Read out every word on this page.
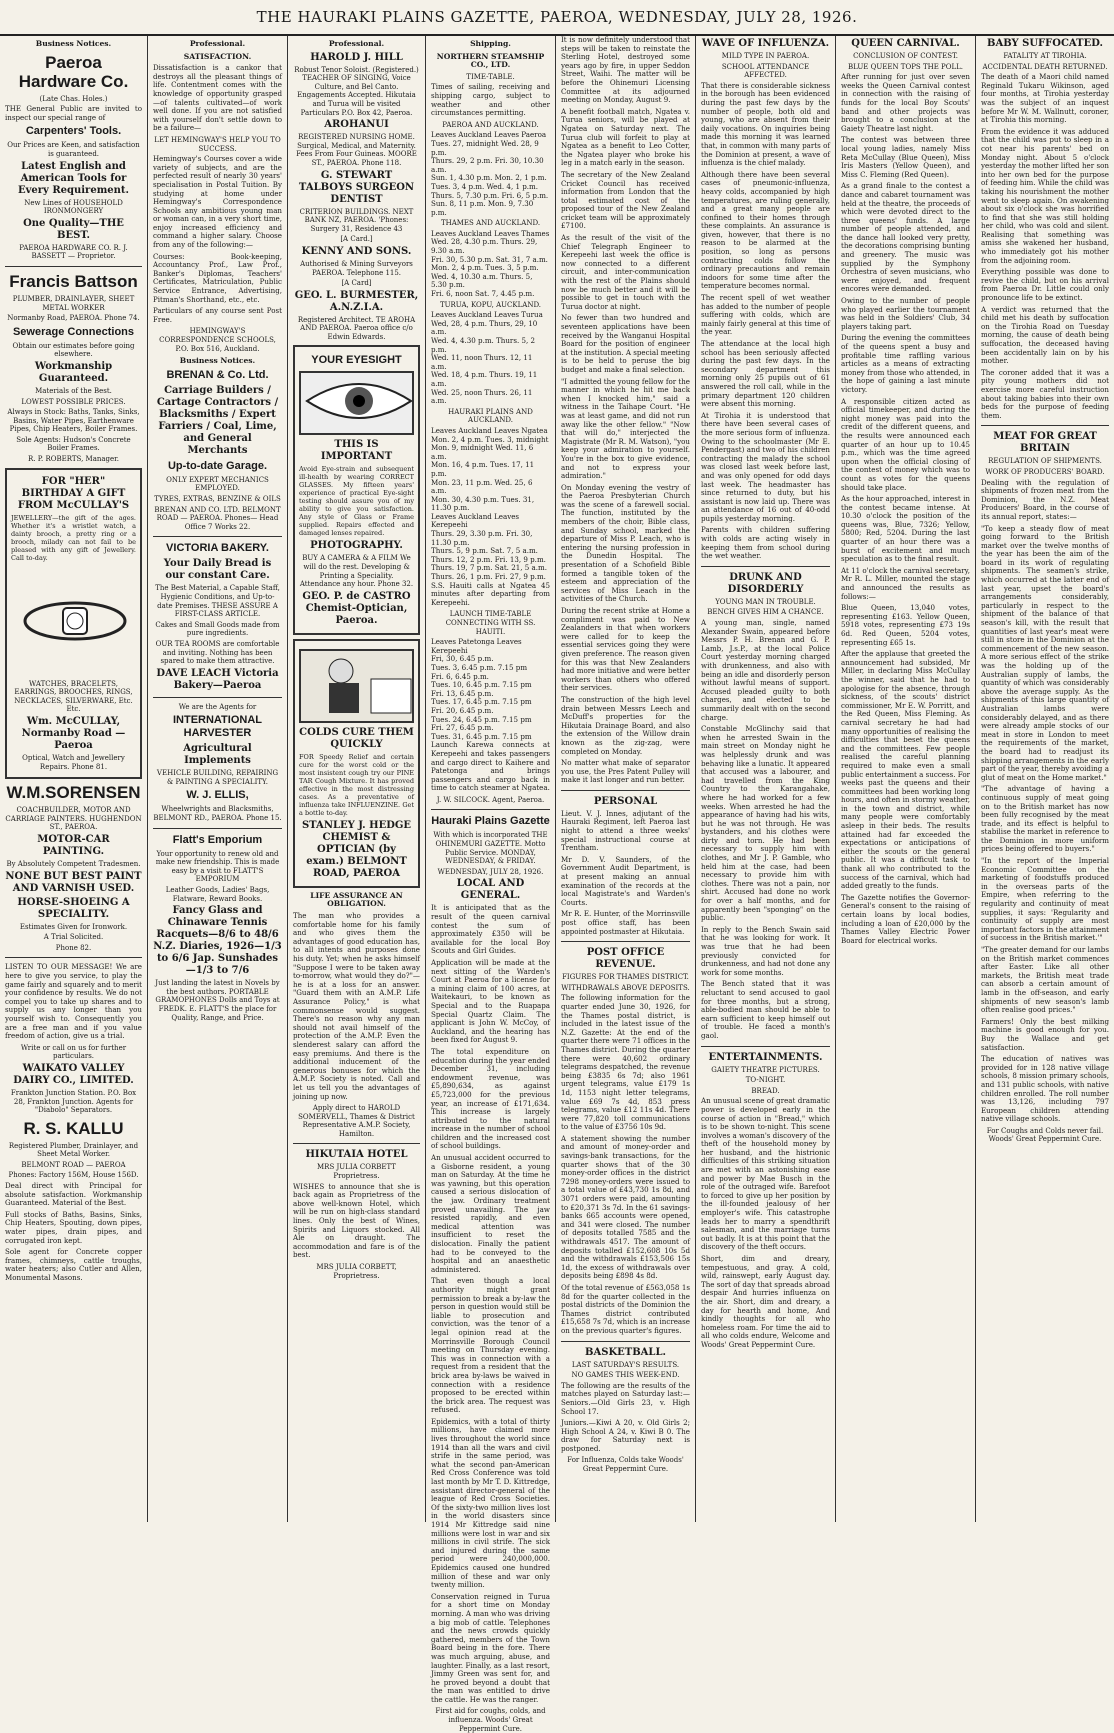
THE HAURAKI PLAINS GAZETTE, PAEROA, WEDNESDAY, JULY 28, 1926.
Business Notices.
Paeroa Hardware Co.
(Late Chas. Holes.)

THE General Public are invited to inspect our special range of

Carpenters' Tools.
Our Prices are Keen, and satisfaction is guaranteed.
Latest English and American Tools for Every Requirement.
New Lines of HOUSEHOLD IRONMONGERY
One Quality—THE BEST.
PAEROA HARDWARE CO. R. J. BASSETT — Proprietor.
Francis Battson
PLUMBER, DRAINLAYER, SHEET METAL WORKER
Normanby Road, PAEROA. Phone 74.
Sewerage Connections
Obtain our estimates before going elsewhere.
Workmanship Guaranteed.
Materials of the Best.
LOWEST POSSIBLE PRICES.
Always in Stock: Baths, Tanks, Sinks, Basins, Water Pipes, Earthenware Pipes, Chip Heaters, Boiler Frames.
Sole Agents: Hudson's Concrete Boiler Frames.
R. P. ROBERTS, Manager.
FOR "HER" BIRTHDAY A GIFT FROM McCULLAY'S

JEWELLERY—the gift of the ages. Whether it's a wristlet watch, a dainty brooch, a pretty ring or a brooch, milady can not fail to be pleased with any gift of Jewellery. Call to-day.

WATCHES, BRACELETS, EARRINGS, BROOCHES, RINGS, NECKLACES, SILVERWARE, Etc. Etc.
Wm. McCULLAY, Normanby Road — Paeroa
Optical, Watch and Jewellery Repairs. Phone 81.
W.M.SORENSEN
COACHBUILDER, MOTOR AND CARRIAGE PAINTERS. HUGHENDON ST., PAEROA.
MOTOR-CAR PAINTING.
By Absolutely Competent Tradesmen.
NONE BUT BEST PAINT AND VARNISH USED.
HORSE-SHOEING A SPECIALITY.
Estimates Given for Ironwork.
A Trial Solicited.
Phone 82.

LISTEN TO OUR MESSAGE! We are here to give you service, to play the game fairly and squarely and to merit your confidence by results. We do not compel you to take up shares and to supply us any longer than you yourself wish to. Consequently you are a free man and if you value freedom of action, give us a trial.

Write or call on us for further particulars.
WAIKATO VALLEY DAIRY CO., LIMITED.
Frankton Junction Station. P.O. Box 28, Frankton Junction. Agents for "Diabolo" Separators.
R. S. KALLU
Registered Plumber, Drainlayer, and Sheet Metal Worker.
BELMONT ROAD — PAEROA
Phones: Factory 156M, House 156D.

Deal direct with Principal for absolute satisfaction. Workmanship Guaranteed. Material of the Best.

Full stocks of Baths, Basins, Sinks, Chip Heaters, Spouting, down pipes, water pipes, drain pipes, and corrugated iron kept.

Sole agent for Concrete copper frames, chimneys, cattle troughs, water heaters; also Cutler and Allen, Monumental Masons.

Professional.
SATISFACTION.

Dissatisfaction is a cankor that destroys all the pleasant things of life. Contentment comes with the knowledge of opportunity grasped—of talents cultivated—of work well done. If you are not satisfied with yourself don't settle down to be a failure—

LET HEMINGWAY'S HELP YOU TO SUCCESS.

Hemingway's Courses cover a wide variety of subjects, and are the perfected result of nearly 30 years' specialisation in Postal Tuition. By studying at home under Hemingway's Correspondence Schools any ambitious young man or woman can, in a very short time, enjoy increased efficiency and command a higher salary. Choose from any of the following:—

Courses: Book-keeping, Accountancy Prof., Law Prof., Banker's Diplomas, Teachers' Certificates, Matriculation, Public Service Entrance, Advertising, Pitman's Shorthand, etc., etc.

Particulars of any course sent Post Free.

HEMINGWAY'S CORRESPONDENCE SCHOOLS, P.O. Box 516, Auckland.
Business Notices.
BRENAN & Co. Ltd.
Carriage Builders / Cartage Contractors / Blacksmiths / Expert Farriers / Coal, Lime, and General Merchants
Up-to-date Garage.
ONLY EXPERT MECHANICS EMPLOYED.
TYRES, EXTRAS, BENZINE & OILS
BRENAN AND CO. LTD. BELMONT ROAD — PAEROA. Phones— Head Office 7 Works 22.
VICTORIA BAKERY.
Your Daily Bread is our constant Care.
The Best Material, a Capable Staff, Hygienic Conditions, and Up-to-date Premises. THESE ASSURE A FIRST-CLASS ARTICLE.
Cakes and Small Goods made from pure ingredients.
OUR TEA ROOMS are comfortable and inviting. Nothing has been spared to make them attractive.
DAVE LEACH Victoria Bakery—Paeroa
We are the Agents for
INTERNATIONAL HARVESTER
Agricultural Implements
VEHICLE BUILDING, REPAIRING & PAINTING A SPECIALITY.
W. J. ELLIS,
Wheelwrights and Blacksmiths, BELMONT RD., PAEROA. Phone 15.
Flatt's Emporium
Your opportunity to renew old and make new friendship. This is made easy by a visit to FLATT'S EMPORIUM
Leather Goods, Ladies' Bags, Flatware, Reward Books.
Fancy Glass and Chinaware Tennis Racquets—8/6 to 48/6 N.Z. Diaries, 1926—1/3 to 6/6 Jap. Sunshades—1/3 to 7/6
Just landing the latest in Novels by the best authors. PORTABLE GRAMOPHONES Dolls and Toys at FREDK. E. FLATT'S the place for Quality, Range, and Price.
Professional.
HAROLD J. HILL
Robust Tenor Soloist. (Registered.) TEACHER OF SINGING, Voice Culture, and Bel Canto. Engagements Accepted. Hikutaia and Turua will be visited Particulars P.O. Box 42, Paeroa.
AROHANUI
REGISTERED NURSING HOME. Surgical, Medical, and Maternity. Fees From Four Guineas. MOORE ST., PAEROA. Phone 118.
G. STEWART TALBOYS SURGEON DENTIST
CRITERION BUILDINGS. NEXT BANK NZ, PAEROA. 'Phones: Surgery 31, Residence 43
[A Card.]
KENNY AND SONS.
Authorised & Mining Surveyors PAEROA. Telephone 115.
[A Card]
GEO. L. BURMESTER, A.N.Z.I.A.
Registered Architect. TE AROHA AND PAEROA. Paeroa office c/o Edwin Edwards.
YOUR EYESIGHT
THIS IS IMPORTANT

Avoid Eye-strain and subsequent ill-health by wearing CORRECT GLASSES. My fifteen years' experience of practical Eye-sight testing should assure you of my ability to give you satisfaction. Any style of Glass or Frame supplied. Repairs effected and damaged lenses repaired.

PHOTOGRAPHY.
BUY A CAMERA & A FILM We will do the rest. Developing & Printing a Speciality. Attendance any hour. Phone 32.
GEO. P. de CASTRO Chemist-Optician, Paeroa.
COLDS CURE THEM QUICKLY

FOR Speedy Relief and certain cure for the worst cold or the most insistent cough try our PINE TAR Cough Mixture. It has proved effective in the most distressing cases. As a preventative of influenza take INFLUENZINE. Get a bottle to-day.

STANLEY J. HEDGE CHEMIST & OPTICIAN (by exam.) BELMONT ROAD, PAEROA
LIFE ASSURANCE AN OBLIGATION.

The man who provides a comfortable home for his family and who gives them the advantages of good education has, to all intents and purposes done his duty. Yet; when he asks himself "Suppose I were to be taken away to-morrow, what would they do?"—he is at a loss for an answer. "Guard them with an A.M.P. Life Assurance Policy," is what commonsense would suggest. There's no reason why any man should not avail himself of the protection of the A.M.P. Even the slenderest salary can afford the easy premiums. And there is the additional inducement of the generous bonuses for which the A.M.P. Society is noted. Call and let us tell you the advantages of joining up now.

Apply direct to HAROLD SOMERVELL, Thames & District Representative A.M.P. Society, Hamilton.
HIKUTAIA HOTEL
MRS JULIA CORBETT Proprietress.

WISHES to announce that she is back again as Proprietress of the above well-known Hotel, which will be run on high-class standard lines. Only the best of Wines, Spirits and Liquors stocked. All Ale on draught. The accommodation and fare is of the best.

MRS JULIA CORBETT, Proprietress.
Shipping.
NORTHERN STEAMSHIP CO., LTD.
TIME-TABLE.

Times of sailing, receiving and shipping cargo, subject to weather and other circumstances permitting.

PAEROA AND AUCKLAND.
Leaves Auckland Leaves Paeroa
Tues. 27, midnight Wed. 28, 9 p.m.
Thurs. 29, 2 p.m. Fri. 30, 10.30 a.m.
Sun. 1, 4.30 p.m. Mon. 2, 1 p.m.
Tues. 3, 4 p.m. Wed. 4, 1 p.m.
Thurs. 5, 7.30 p.m. Fri. 6, 5 p.m.
Sun. 8, 11 p.m. Mon. 9, 7.30 p.m.
THAMES AND AUCKLAND.
Leaves Auckland Leaves Thames
Wed. 28, 4.30 p.m. Thurs. 29, 9.30 a.m.
Fri. 30, 5.30 p.m. Sat. 31, 7 a.m.
Mon. 2, 4 p.m. Tues. 3, 5 p.m.
Wed. 4, 10.30 a.m. Thurs. 5, 5.30 p.m.
Fri. 6, noon Sat. 7, 4.45 p.m.
TURUA, KOPU, AUCKLAND.
Leaves Auckland Leaves Turua
Wed, 28, 4 p.m. Thurs, 29, 10 a.m.
Wed. 4, 4.30 p.m. Thurs. 5, 2 p.m.
Wed. 11, noon Thurs. 12, 11 a.m.
Wed. 18, 4 p.m. Thurs. 19, 11 a.m.
Wed. 25, noon Thurs. 26, 11 a.m.
HAURAKI PLAINS AND AUCKLAND.
Leaves Auckland Leaves Ngatea
Mon. 2, 4 p.m. Tues. 3, midnight
Mon. 9, midnight Wed. 11, 6 a.m.
Mon. 16, 4 p.m. Tues. 17, 11 p.m.
Mon. 23, 11 p.m. Wed. 25, 6 a.m.
Mon. 30, 4.30 p.m. Tues. 31, 11.30 p.m.
Leaves Auckland Leaves Kerepeehi
Thurs. 29, 3.30 p.m. Fri. 30, 11.30 p.m.
Thurs. 5, 9 p.m. Sat. 7, 5 a.m.
Thurs. 12, 2 p.m. Fri. 13, 9 p.m.
Thurs. 19, 7 p.m. Sat. 21, 5 a.m.
Thurs. 26, 1 p.m. Fri. 27, 9 p.m.

S.S. Hauiti calls at Ngatea 45 minutes after departing from Kerepeehi.

LAUNCH TIME-TABLE CONNECTING WITH SS. HAUITI.
Leaves Patetonga Leaves Kerepeehi
Fri, 30, 6.45 p.m.
Tues. 3, 6.45 p.m. 7.15 pm
Fri. 6, 6.45 p.m.
Tues. 10, 6.45 p.m. 7.15 pm
Fri. 13, 6.45 p.m.
Tues. 17, 6.45 p.m. 7.15 pm
Fri. 20, 6.45 p.m.
Tues. 24, 6.45 p.m. 7.15 pm
Fri. 27, 6.45 p.m.
Tues. 31, 6.45 p.m. 7.15 pm

Launch Karewa connects at Kerepeehi and takes passengers and cargo direct to Kaihere and Patetonga and brings passengers and cargo back in time to catch steamer at Ngatea.

J. W. SILCOCK. Agent, Paeroa.
Hauraki Plains Gazette
With which is incorporated THE OHINEMURI GAZETTE. Motto Public Service. MONDAY, WEDNESDAY, & FRIDAY.
WEDNESDAY, JULY 28, 1926.
LOCAL AND GENERAL.

It is anticipated that as the result of the queen carnival contest the sum of approximately £350 will be available for the local Boy Scouts and Girl Guides.

Application will be made at the next sitting of the Warden's Court at Paeroa for a license for a mining claim of 100 acres, at Waitekauri, to be known as Special and to the Ruapapa Special Quartz Claim. The applicant is John W. McCoy, of Auckland, and the hearing has been fixed for August 9.

The total expenditure on education during the year ended December 31, including endowment revenue, was £5,890,634, as against £5,723,000 for the previous year, an increase of £171,634. This increase is largely attributed to the natural increase in the number of school children and the increased cost of school buildings.

An unusual accident occurred to a Gisborne resident, a young man on Saturday. At the time he was yawning, but this operation caused a serious dislocation of the jaw. Ordinary treatment proved unavailing. The jaw resisted rapidly, and even medical attention was insufficient to reset the dislocation. Finally the patient had to be conveyed to the hospital and an anaesthetic administered.

That even though a local authority might grant permission to break a by-law the person in question would still be liable to prosecution and conviction, was the tenor of a legal opinion read at the Morrinsville Borough Council meeting on Thursday evening. This was in connection with a request from a resident that the brick area by-laws be waived in connection with a residence proposed to be erected within the brick area. The request was refused.

Epidemics, with a total of thirty millions, have claimed more lives throughout the world since 1914 than all the wars and civil strife in the same period, was what the second pan-American Red Cross Conference was told last month by Mr T. D. Kittredge, assistant director-general of the league of Red Cross Societies. Of the sixty-two million lives lost in the world disasters since 1914 Mr Kittredge said nine millions were lost in war and six millions in civil strife. The sick and injured during the same period were 240,000,000. Epidemics caused one hundred million of these and war only twenty million.

Conservation reigned in Turua for a short time on Monday morning. A man who was driving a big mob of cattle. Telephones and the news crowds quickly gathered, members of the Town Board being in the fore. There was much arguing, abuse, and laughter. Finally, as a last resort, Jimmy Green was sent for, and he proved beyond a doubt that the man was entitled to drive the cattle. He was the ranger.

First aid for coughs, colds, and influenza. Woods' Great Peppermint Cure.

It is now definitely understood that steps will be taken to reinstate the Sterling Hotel, destroyed some years ago by fire, in upper Seddon Street, Waihi. The matter will be before the Ohinemuri Licensing Committee at its adjourned meeting on Monday, August 9.

A benefit football match, Ngatea v. Turua seniors, will be played at Ngatea on Saturday next. The Turua club will forfeit to play at Ngatea as a benefit to Leo Cotter, the Ngatea player who broke his leg in a match early in the season.

The secretary of the New Zealand Cricket Council has received information from London that the total estimated cost of the proposed tour of the New Zealand cricket team will be approximately £7100.

As the result of the visit of the Chief Telegraph Engineer to Kerepeehi last week the office is now connected to a different circuit, and inter-communication with the rest of the Plains should now be much better and it will be possible to get in touch with the Turua doctor at night.

No fewer than two hundred and seventeen applications have been received by the Wanganui Hospital Board for the position of engineer at the institution. A special meeting is to be held to peruse the big budget and make a final selection.

"I admitted the young fellow for the manner in which he hit me back when I knocked him," said a witness in the Taihape Court. "He was at least game, and did not run away like the other fellow." "Now that will do," interjected the Magistrate (Mr R. M. Watson), "you keep your admiration to yourself. You're in the box to give evidence, and not to express your admiration."

On Monday evening the vestry of the Paeroa Presbyterian Church was the scene of a farewell social. The function, instituted by the members of the choir, Bible class, and Sunday school, marked the departure of Miss P. Leach, who is entering the nursing profession in the Dunedin Hospital. The presentation of a Schofield Bible formed a tangible token of the esteem and appreciation of the services of Miss Leach in the activities of the Church.

During the recent strike at Home a compliment was paid to New Zealanders in that when workers were called for to keep the essential services going they were given preference. The reason given for this was that New Zealanders had more initiative and were better workers than others who offered their services.

The construction of the high level drain between Messrs Leech and McDuff's properties for the Hikutaia Drainage Board, and also the extension of the Willow drain known as the zig-zag, were completed on Monday.

No matter what make of separator you use, the Pres Patent Pulley will make it last longer and run better.

PERSONAL

Lieut. V. J. Innes, adjutant of the Hauraki Regiment, left Paeroa last night to attend a three weeks' special instructional course at Trentham.

Mr D. V. Saunders, of the Government Audit Department, is at present making an annual examination of the records at the local Magistrate's and Warden's Courts.

Mr R. E. Hunter, of the Morrinsville post office staff, has been appointed postmaster at Hikutaia.

POST OFFICE REVENUE.
FIGURES FOR THAMES DISTRICT.
WITHDRAWALS ABOVE DEPOSITS.

The following information for the quarter ended June 30, 1926, for the Thames postal district, is included in the latest issue of the N.Z. Gazette: At the end of the quarter there were 71 offices in the Thames district. During the quarter there were 40,602 ordinary telegrams despatched, the revenue being £3835 6s 7d; also 1961 urgent telegrams, value £179 1s 1d, 1153 night letter telegrams, value £69 7s 4d, 853 press telegrams, value £12 11s 4d. There were 77,820 toll communications to the value of £3756 10s 9d.

A statement showing the number and amount of money-order and savings-bank transactions, for the quarter shows that of the 30 money-order offices in the district 7298 money-orders were issued to a total value of £43,730 1s 8d, and 3071 orders were paid, amounting to £20,371 3s 7d. In the 61 savings-banks 665 accounts were opened, and 341 were closed. The number of deposits totalled 7585 and the withdrawals 4517. The amount of deposits totalled £152,608 10s 5d and the withdrawals £153,506 15s 1d, the excess of withdrawals over deposits being £898 4s 8d.

Of the total revenue of £563,058 1s 8d for the quarter collected in the postal districts of the Dominion the Thames district contributed £15,658 7s 7d, which is an increase on the previous quarter's figures.

BASKETBALL.
LAST SATURDAY'S RESULTS.
NO GAMES THIS WEEK-END.

The following are the results of the matches played on Saturday last:— Seniors.—Old Girls 23, v. High School 17.

Juniors.—Kiwi A 20, v. Old Girls 2; High School A 24, v. Kiwi B 0. The draw for Saturday next is postponed.

For Influenza, Colds take Woods' Great Peppermint Cure.
WAVE OF INFLUENZA.
MILD TYPE IN PAEROA.
SCHOOL ATTENDANCE AFFECTED.

That there is considerable sickness in the borough has been evidenced during the past few days by the number of people, both old and young, who are absent from their daily vocations. On inquiries being made this morning it was learned that, in common with many parts of the Dominion at present, a wave of influenza is the chief malady.

Although there have been several cases of pneumonic-influenza, heavy colds, accompanied by high temperatures, are ruling generally, and a great many people are confined to their homes through these complaints. An assurance is given, however, that there is no reason to be alarmed at the position, so long as persons contracting colds follow the ordinary precautions and remain indoors for some time after the temperature becomes normal.

The recent spell of wet weather has added to the number of people suffering with colds, which are mainly fairly general at this time of the year.

The attendance at the local high school has been seriously affected during the past few days. In the secondary department this morning only 25 pupils out of 61 answered the roll call, while in the primary department 120 children were absent this morning.

At Tirohia it is understood that there have been several cases of the more serious form of influenza. Owing to the schoolmaster (Mr E. Pendergast) and two of his children contracting the malady the school was closed last week before last, and was only opened for odd days last week. The headmaster has since returned to duty, but his assistant is now laid up. There was an attendance of 16 out of 40-odd pupils yesterday morning.

Parents with children suffering with colds are acting wisely in keeping them from school during the wet weather.

DRUNK AND DISORDERLY
YOUNG MAN IN TROUBLE.
BENCH GIVES HIM A CHANCE.

A young man, single, named Alexander Swain, appeared before Messrs P. H. Brenan and G. P. Lamb, J.s.P., at the local Police Court yesterday morning charged with drunkenness, and also with being an idle and disorderly person without lawful means of support. Accused pleaded guilty to both charges, and elected to be summarily dealt with on the second charge.

Constable McGlinchy said that when he arrested Swain in the main street on Monday night he was helplessly drunk and was behaving like a lunatic. It appeared that accused was a labourer, and had travelled from the King Country to the Karangahake, where he had worked for a few weeks. When arrested he had the appearance of having had his wits, but he was not through. He was bystanders, and his clothes were dirty and torn. He had been necessary to supply him with clothes, and Mr J. P. Gamble, who held him at the case, had been necessary to provide him with clothes. There was not a pain, nor shirt. Accused had done no work for over a half months, and for apparently been "sponging" on the public.

In reply to the Bench Swain said that he was looking for work. It was true that he had been previously convicted for drunkenness, and had not done any work for some months.

The Bench stated that it was reluctant to send accused to gaol for three months, but a strong, able-bodied man should be able to earn sufficient to keep himself out of trouble. He faced a month's gaol.

ENTERTAINMENTS.
GAIETY THEATRE PICTURES.
TO-NIGHT.
BREAD.

An unusual scene of great dramatic power is developed early in the course of action in "Bread," which is to be shown to-night. This scene involves a woman's discovery of the theft of the household money by her husband, and the histrionic difficulties of this striking situation are met with an astonishing ease and power by Mae Busch in the role of the outraged wife. Barefoot to forced to give up her position by the ill-founded jealousy of her employer's wife. This catastrophe leads her to marry a spendthrift salesman, and the marriage turns out badly. It is at this point that the discovery of the theft occurs.

Short, dim and dreary, tempestuous, and gray. A cold, wild, rainswept, early August day. The sort of day that spreads abroad despair And hurries influenza on the air. Short, dim and dreary, a day for hearth and home, And kindly thoughts for all who homeless roam. For time the aid to all who colds endure, Welcome and Woods' Great Peppermint Cure.

QUEEN CARNIVAL.
CONCLUSION OF CONTEST.
BLUE QUEEN TOPS THE POLL.

After running for just over seven weeks the Queen Carnival contest in connection with the raising of funds for the local Boy Scouts' band and other projects was brought to a conclusion at the Gaiety Theatre last night.

The contest was between three local young ladies, namely Miss Reta McCullay (Blue Queen), Miss Iris Masters (Yellow Queen), and Miss C. Fleming (Red Queen).

As a grand finale to the contest a dance and cabaret tournament was held at the theatre, the proceeds of which were devoted direct to the three queens' funds. A large number of people attended, and the dance hall looked very pretty, the decorations comprising bunting and greenery. The music was supplied by the Symphony Orchestra of seven musicians, who were enjoyed, and frequent encores were demanded.

Owing to the number of people who played earlier the tournament was held in the Soldiers' Club, 34 players taking part.

During the evening the committees of the queens spent a busy and profitable time raffling various articles as a means of extracting money from those who attended, in the hope of gaining a last minute victory.

A responsible citizen acted as official timekeeper, and during the night money was paid into the credit of the different queens, and the results were announced each quarter of an hour up to 10.45 p.m., which was the time agreed upon when the official closing of the contest of money which was to count as votes for the queens should take place.

As the hour approached, interest in the contest became intense. At 10.30 o'clock the position of the queens was, Blue, 7326; Yellow, 5800; Red, 5204. During the last quarter of an hour there was a burst of excitement and much speculation as to the final result.

At 11 o'clock the carnival secretary, Mr R. L. Miller, mounted the stage and announced the results as follows:—

Blue Queen, 13,040 votes, representing £163. Yellow Queen, 5918 votes, representing £73 19s 6d. Red Queen, 5204 votes, representing £65 1s.

After the applause that greeted the announcement had subsided, Mr Miller, in declaring Miss McCullay the winner, said that he had to apologise for the absence, through sickness, of the scouts' district commissioner, Mr E. W. Porritt, and the Red Queen, Miss Fleming. As carnival secretary he had had many opportunities of realising the difficulties that beset the queens and the committees. Few people realised the careful planning required to make even a small public entertainment a success. For weeks past the queens and their committees had been working long hours, and often in stormy weather, in the town and district, while many people were comfortably asleep in their beds. The results attained had far exceeded the expectations or anticipations of either the scouts or the general public. It was a difficult task to thank all who contributed to the success of the carnival, which had added greatly to the funds.

The Gazette notifies the Governor-General's consent to the raising of certain loans by local bodies, including a loan of £20,000 by the Thames Valley Electric Power Board for electrical works.

BABY SUFFOCATED.
FATALITY AT TIROHIA.
ACCIDENTAL DEATH RETURNED.

The death of a Maori child named Reginald Tukaru Wikinson, aged four months, at Tirohia yesterday was the subject of an inquest before Mr W. M. Wallnutt, coroner, at Tirohia this morning.

From the evidence it was adduced that the child was put to sleep in a cot near his parents' bed on Monday night. About 5 o'clock yesterday the mother lifted her son into her own bed for the purpose of feeding him. While the child was taking his nourishment the mother went to sleep again. On awakening about six o'clock she was horrified to find that she was still holding her child, who was cold and silent. Realising that something was amiss she wakened her husband, who immediately got his mother from the adjoining room.

Everything possible was done to revive the child, but on his arrival from Paeroa Dr. Little could only pronounce life to be extinct.

A verdict was returned that the child met his death by suffocation on the Tirohia Road on Tuesday morning, the cause of death being suffocation, the deceased having been accidentally lain on by his mother.

The coroner added that it was a pity young mothers did not exercise more careful instruction about taking babies into their own beds for the purpose of feeding them.

MEAT FOR GREAT BRITAIN
REGULATION OF SHIPMENTS.
WORK OF PRODUCERS' BOARD.

Dealing with the regulation of shipments of frozen meat from the Dominion, the N.Z. Meat Producers' Board, in the course of its annual report, states:—

"To keep a steady flow of meat going forward to the British market over the twelve months of the year has been the aim of the board in its work of regulating shipments. The seamen's strike, which occurred at the latter end of last year, upset the board's arrangements considerably, particularly in respect to the shipment of the balance of that season's kill, with the result that quantities of last year's meat were still in store in the Dominion at the commencement of the new season. A more serious effect of the strike was the holding up of the Australian supply of lambs, the quantity of which was considerably above the average supply. As the shipments of this large quantity of Australian lambs were considerably delayed, and as there were already ample stocks of our meat in store in London to meet the requirements of the market, the board had to readjust its shipping arrangements in the early part of the year, thereby avoiding a glut of meat on the Home market."

"The advantage of having a continuous supply of meat going on to the British market has now been fully recognised by the meat trade, and its effect is helpful to stabilise the market in reference to the Dominion in more uniform prices being offered to buyers."

"In the report of the Imperial Economic Committee on the marketing of foodstuffs produced in the overseas parts of the Empire, when referring to the regularity and continuity of meat supplies, it says: 'Regularity and continuity of supply are most important factors in the attainment of success in the British market.'"

"The greater demand for our lambs on the British market commences after Easter. Like all other markets, the British meat trade can absorb a certain amount of lamb in the off-season, and early shipments of new season's lamb often realise good prices."

Farmers! Only the best milking machine is good enough for you. Buy the Wallace and get satisfaction.

The education of natives was provided for in 128 native village schools, 8 mission primary schools, and 131 public schools, with native children enrolled. The roll number was 13,126, including 797 European children attending native village schools.

For Coughs and Colds never fail. Woods' Great Peppermint Cure.
